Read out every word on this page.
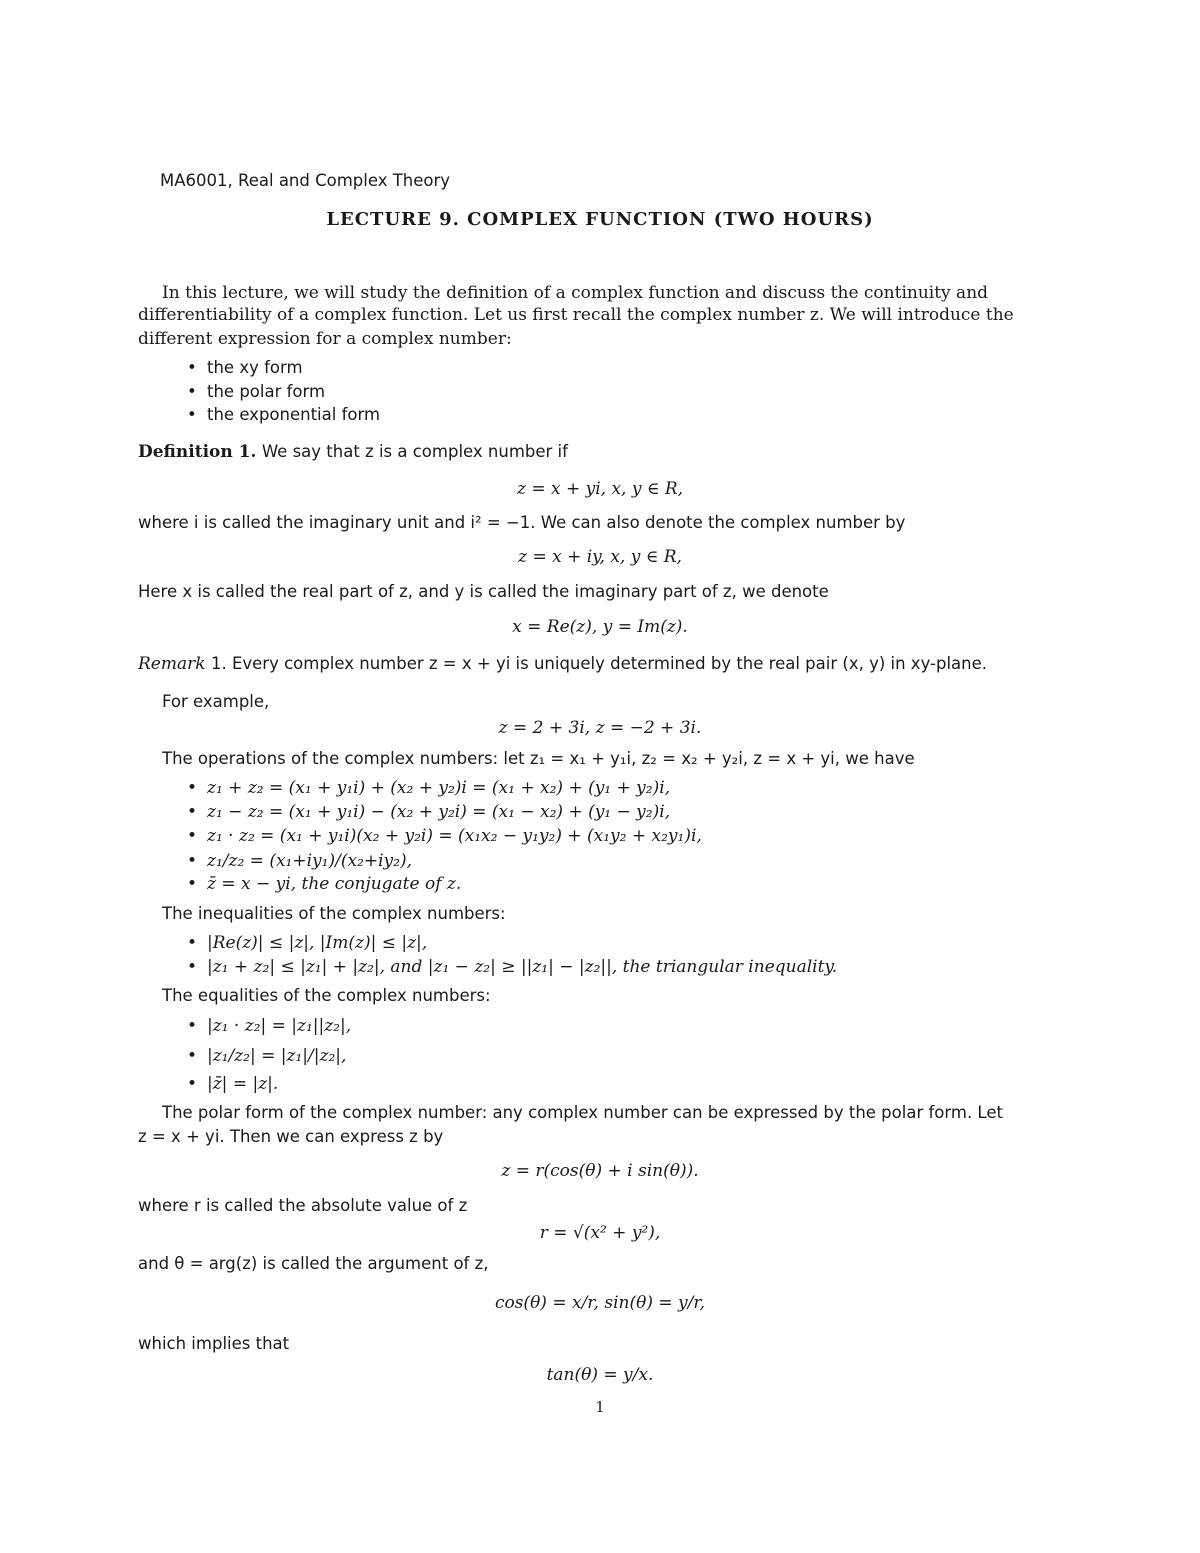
MA6001, Real and Complex Theory
LECTURE 9. COMPLEX FUNCTION (TWO HOURS)
In this lecture, we will study the definition of a complex function and discuss the continuity and
differentiability of a complex function. Let us first recall the complex number z. We will introduce the
different expression for a complex number:
• the xy form
• the polar form
• the exponential form
Definition 1. We say that z is a complex number if
z = x + yi, x, y ∈ R,
where i is called the imaginary unit and i² = −1. We can also denote the complex number by
z = x + iy, x, y ∈ R,
Here x is called the real part of z, and y is called the imaginary part of z, we denote
x = Re(z), y = Im(z).
Remark 1. Every complex number z = x + yi is uniquely determined by the real pair (x, y) in xy-plane.
For example,
z = 2 + 3i, z = −2 + 3i.
The operations of the complex numbers: let z₁ = x₁ + y₁i, z₂ = x₂ + y₂i, z = x + yi, we have
• z₁ + z₂ = (x₁ + y₁i) + (x₂ + y₂)i = (x₁ + x₂) + (y₁ + y₂)i,
• z₁ − z₂ = (x₁ + y₁i) − (x₂ + y₂i) = (x₁ − x₂) + (y₁ − y₂)i,
• z₁ · z₂ = (x₁ + y₁i)(x₂ + y₂i) = (x₁x₂ − y₁y₂) + (x₁y₂ + x₂y₁)i,
• z₁/z₂ = (x₁+iy₁)/(x₂+iy₂),
• z̄ = x − yi, the conjugate of z.
The inequalities of the complex numbers:
• |Re(z)| ≤ |z|, |Im(z)| ≤ |z|,
• |z₁ + z₂| ≤ |z₁| + |z₂|, and |z₁ − z₂| ≥ ||z₁| − |z₂||, the triangular inequality.
The equalities of the complex numbers:
• |z₁ · z₂| = |z₁||z₂|,
• |z₁/z₂| = |z₁|/|z₂|,
• |z̄| = |z|.
The polar form of the complex number: any complex number can be expressed by the polar form. Let
z = x + yi. Then we can express z by
z = r(cos(θ) + i sin(θ)).
where r is called the absolute value of z
r = √(x² + y²),
and θ = arg(z) is called the argument of z,
cos(θ) = x/r, sin(θ) = y/r,
which implies that
tan(θ) = y/x.
1
